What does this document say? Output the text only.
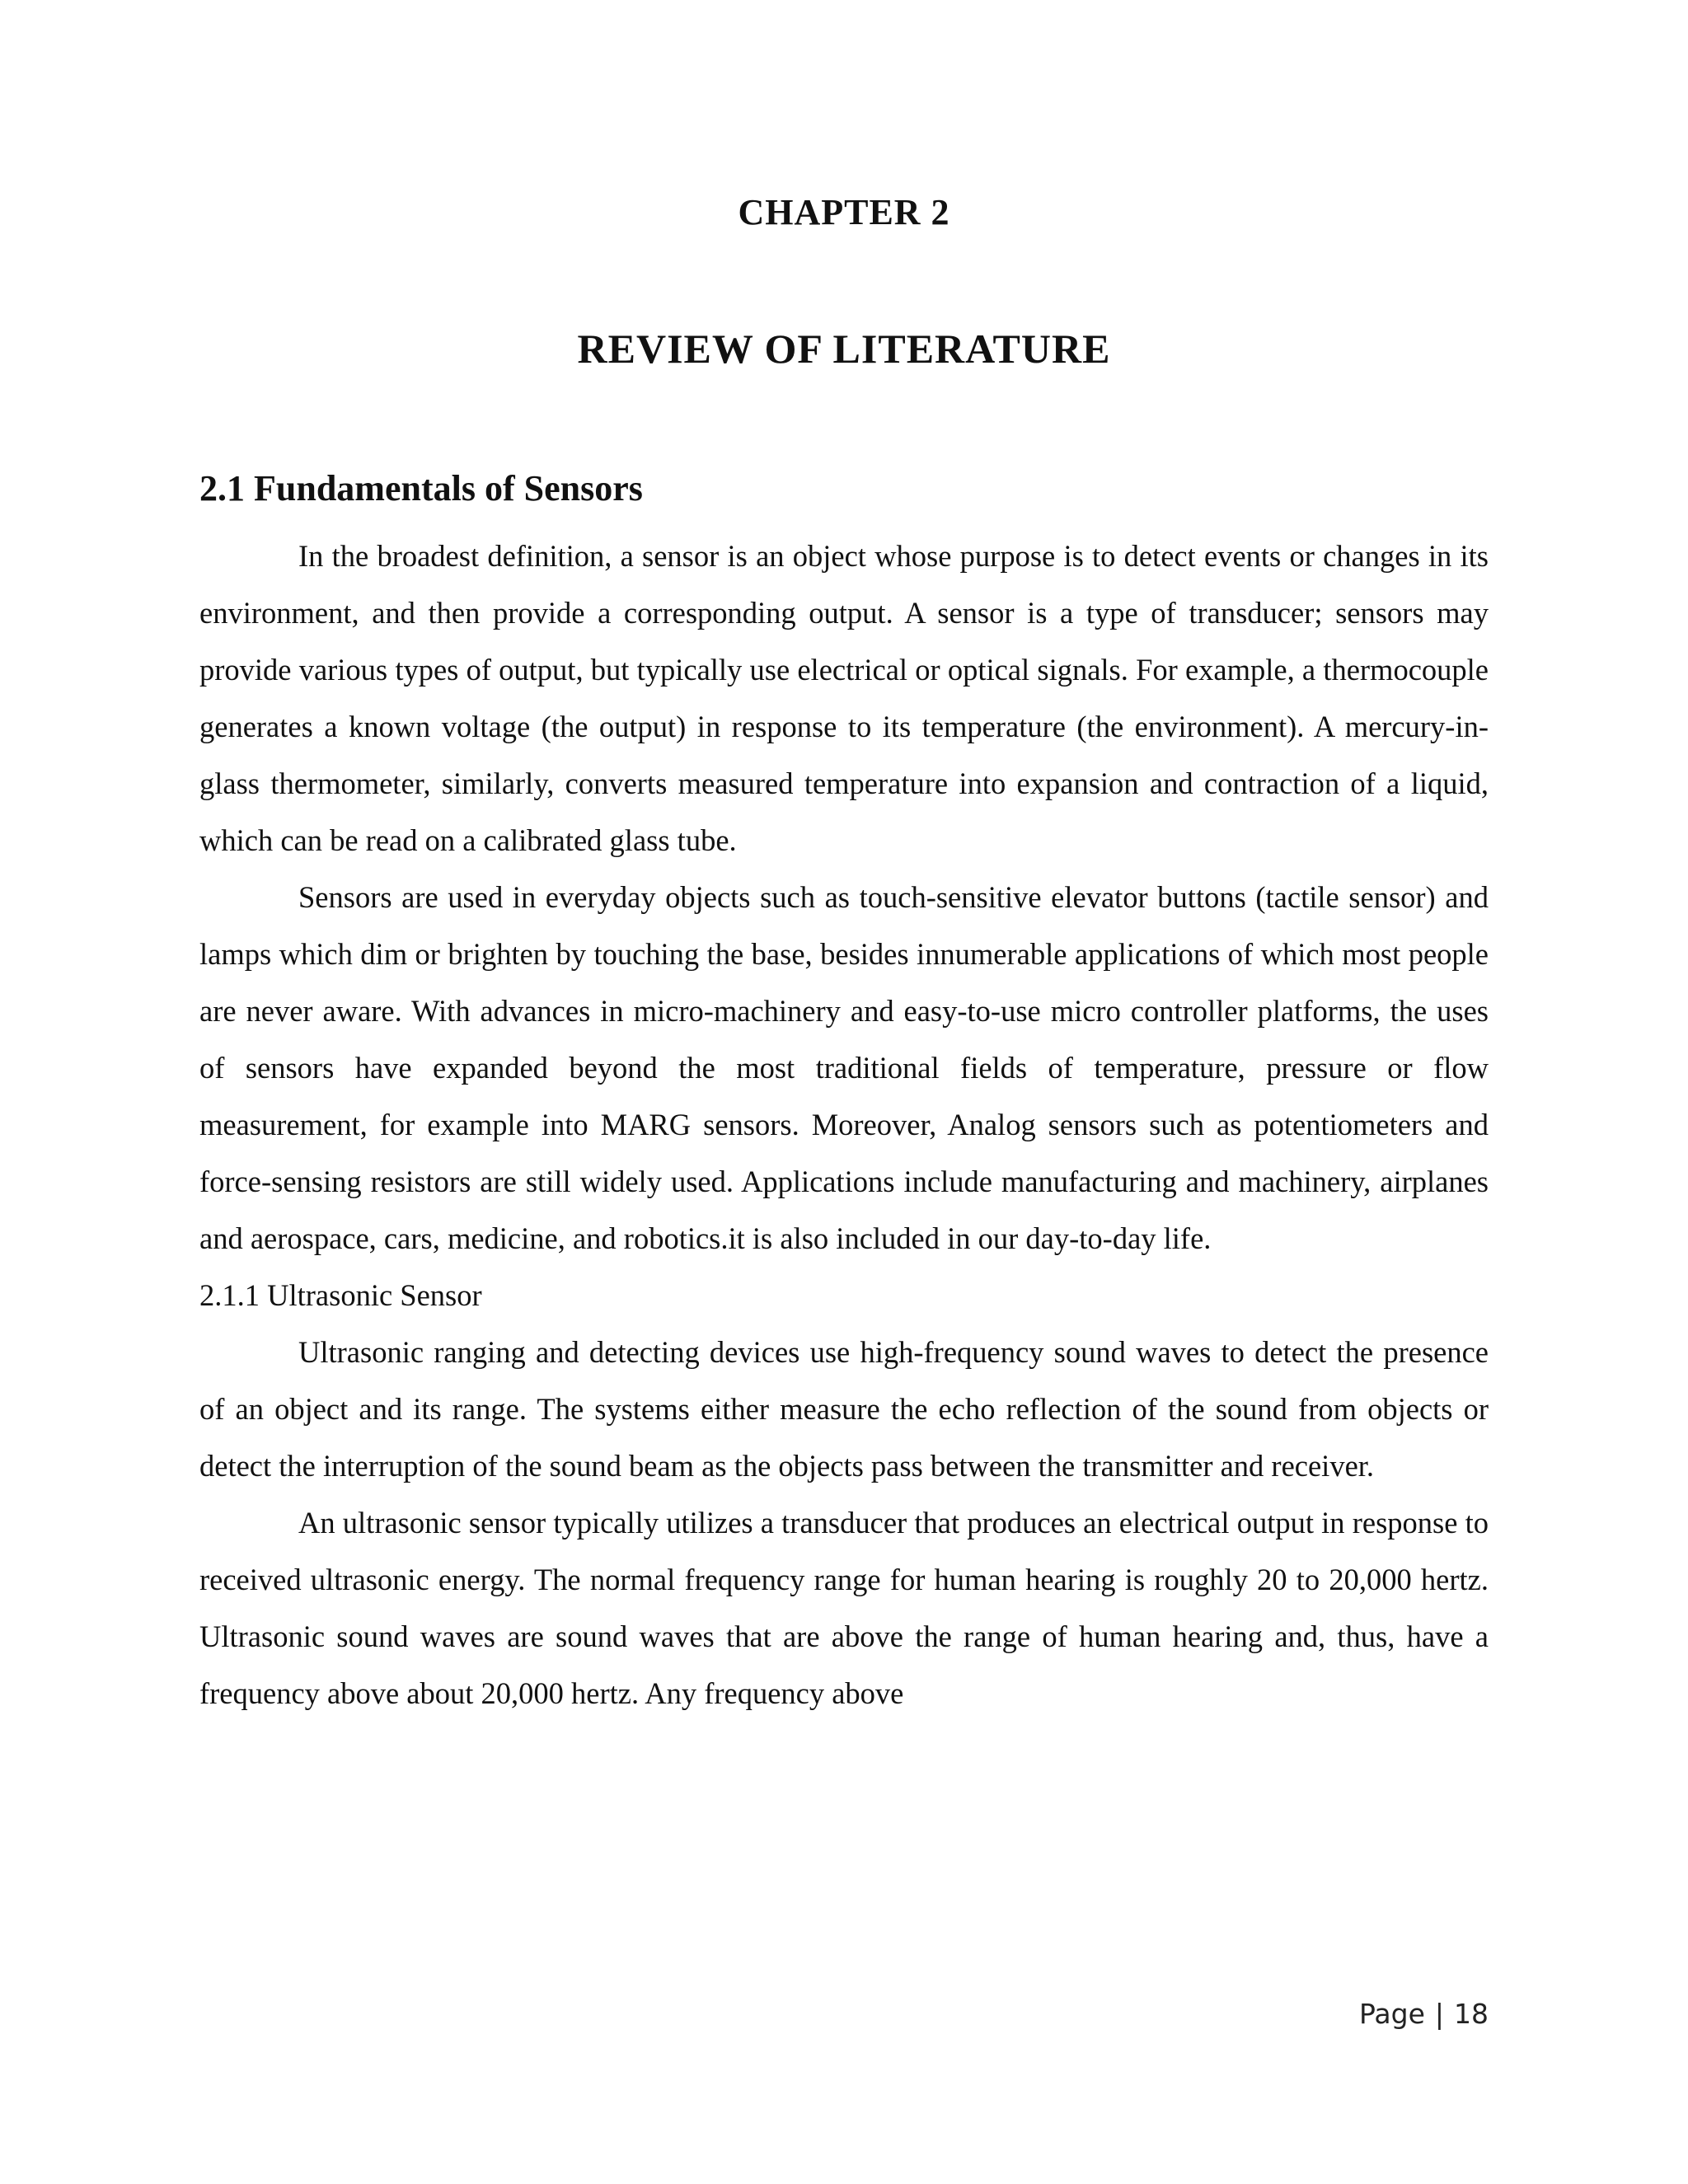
CHAPTER 2
REVIEW OF LITERATURE
2.1 Fundamentals of Sensors

In the broadest definition, a sensor is an object whose purpose is to detect events or changes in its environment, and then provide a corresponding output. A sensor is a type of transducer; sensors may provide various types of output, but typically use electrical or optical signals. For example, a thermocouple generates a known voltage (the output) in response to its temperature (the environment). A mercury-in-glass thermometer, similarly, converts measured temperature into expansion and contraction of a liquid, which can be read on a calibrated glass tube.

Sensors are used in everyday objects such as touch-sensitive elevator buttons (tactile sensor) and lamps which dim or brighten by touching the base, besides innumerable applications of which most people are never aware. With advances in micro-machinery and easy-to-use micro controller platforms, the uses of sensors have expanded beyond the most traditional fields of temperature, pressure or flow measurement, for example into MARG sensors. Moreover, Analog sensors such as potentiometers and force-sensing resistors are still widely used. Applications include manufacturing and machinery, airplanes and aerospace, cars, medicine, and robotics.it is also included in our day-to-day life.

2.1.1 Ultrasonic Sensor

Ultrasonic ranging and detecting devices use high-frequency sound waves to detect the presence of an object and its range. The systems either measure the echo reflection of the sound from objects or detect the interruption of the sound beam as the objects pass between the transmitter and receiver.

An ultrasonic sensor typically utilizes a transducer that produces an electrical output in response to received ultrasonic energy. The normal frequency range for human hearing is roughly 20 to 20,000 hertz. Ultrasonic sound waves are sound waves that are above the range of human hearing and, thus, have a frequency above about 20,000 hertz. Any frequency above

Page | 18
